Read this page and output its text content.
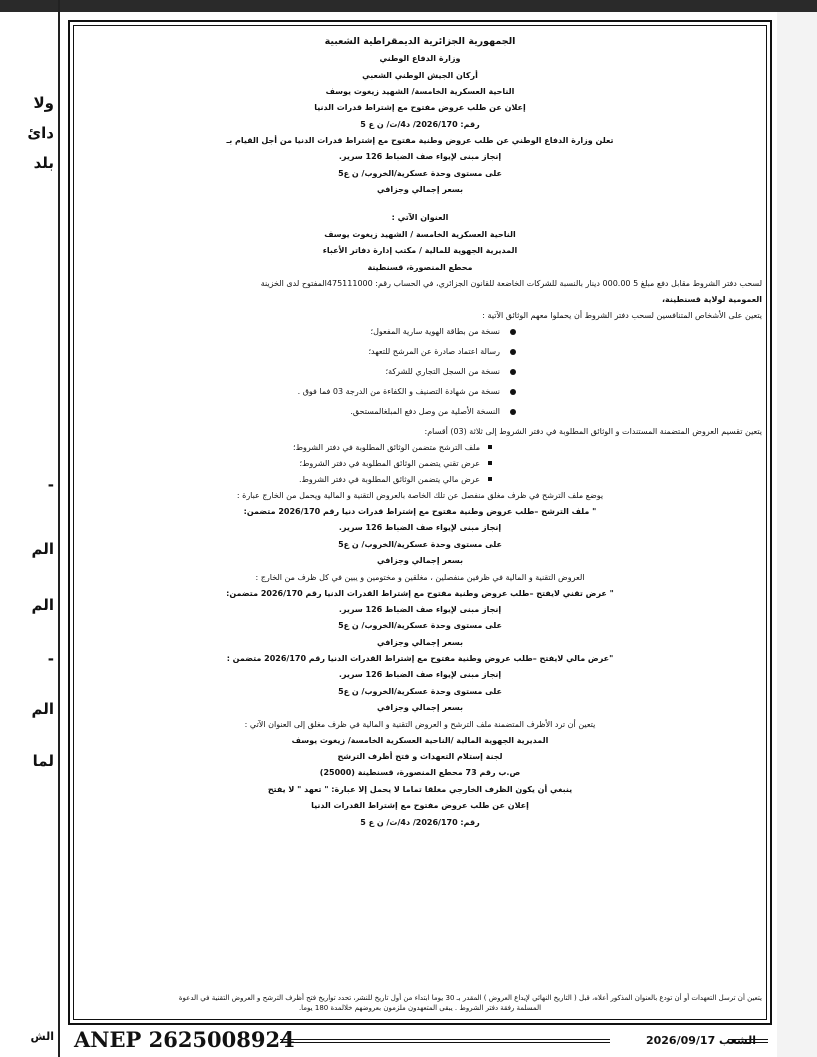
ولا
دائ
بلد
-
الم
الم
-
الم
لما
الش
الجمهورية الجزائرية الديمقراطية الشعبية
وزارة الدفاع الوطني
أركان الجيش الوطني الشعبي
الناحية العسكرية الخامسة/ الشهيد زيغوت يوسف
إعلان عن طلب عروض مفتوح مع إشتراط قدرات الدنيا
رقم: 2026/170/ د4/ت/ ن ع 5
تعلن وزارة الدفاع الوطني عن طلب عروض وطنية مفتوح مع إشتراط قدرات الدنيا من أجل القيام بـ
إنجاز مبنى لإيواء صف الضباط 126 سرير.
على مستوى وحدة عسكرية/الخروب/ ن ع5
بسعر إجمالي وجزافي
العنوان الآتي :
الناحية العسكرية الخامسة / الشهيد زيغوت يوسف
المديرية الجهوية للمالية / مكتب إدارة دفاتر الأعباء
محطع المنصورة، قسنطينة
لسحب دفتر الشروط مقابل دفع مبلغ 5 000.00 دينار بالنسبة للشركات الخاضعة للقانون الجزائري، في الحساب رقم: 475111000المفتوح لدى الخزينة
العمومية لولاية قسنطينة،
يتعين على الأشخاص المتنافسين لسحب دفتر الشروط أن يحملوا معهم الوثائق الآتية :
نسخة من بطاقة الهوية سارية المفعول؛
رسالة اعتماد صادرة عن المرشح للتعهد؛
نسخة من السجل التجاري للشركة؛
نسخة من شهادة التصنيف و الكفاءة من الدرجة 03 فما فوق .
النسخة الأصلية من وصل دفع المبلغالمستحق.
يتعين تقسيم العروض المتضمنة المستندات و الوثائق المطلوبة في دفتر الشروط إلى ثلاثة (03) أقسام:
ملف الترشح متضمن الوثائق المطلوبة في دفتر الشروط؛
عرض تقني يتضمن الوثائق المطلوبة في دفتر الشروط؛
عرض مالي يتضمن الوثائق المطلوبة في دفتر الشروط.
يوضع ملف الترشح في ظرف مغلق منفصل عن تلك الخاصة بالعروض التقنية و المالية ويحمل من الخارج عبارة :
" ملف الترشح –طلب عروض وطنية مفتوح مع إشتراط قدرات دنيا رقم 2026/170 متضمن:
إنجاز مبنى لإيواء صف الضباط 126 سرير.
على مستوى وحدة عسكرية/الخروب/ ن ع5
بسعر إجمالي وجزافي
العروض التقنية و المالية في ظرفين منفصلين ، مغلقين و مختومين و يبين في كل ظرف من الخارج :
" عرض تقني لايفتح –طلب عروض وطنية مفتوح مع إشتراط القدرات الدنيا رقم 2026/170 متضمن:
إنجاز مبنى لإيواء صف الضباط 126 سرير.
على مستوى وحدة عسكرية/الخروب/ ن ع5
بسعر إجمالي وجزافي
"عرض مالي لايفتح –طلب عروض وطنية مفتوح مع إشتراط القدرات الدنيا رقم 2026/170 متضمن :
إنجاز مبنى لإيواء صف الضباط 126 سرير.
على مستوى وحدة عسكرية/الخروب/ ن ع5
بسعر إجمالي وجزافي
يتعين أن ترد الأظرف المتضمنة ملف الترشح و العروض التقنية و المالية في ظرف مغلق إلى العنوان الآتي :
المديرية الجهوية المالية /الناحية العسكرية الخامسة/ زيغوت يوسف
لجنة إستلام التعهدات و فتح أظرف الترشح
ص.ب رقم 73 محطع المنصورة، قسنطينة (25000)
ينبغي أن يكون الظرف الخارجي مغلقا تماما لا يحمل إلا عبارة: " تعهد " لا يفتح
إعلان عن طلب عروض مفتوح مع إشتراط القدرات الدنيا
رقم: 2026/170/ د4/ت/ ن ع 5
يتعين أن ترسل التعهدات أو أن تودع بالعنوان المذكور أعلاه، قبل ( التاريخ النهائي لإيداع العروض ) المقدر بـ 30 يوما ابتداء من أول تاريخ للنشر، تحدد تواريخ فتح أظرف الترشح و العروض التقنية في الدعوة
المسلمة رفقة دفتر الشروط . يبقى المتعهدون ملزمون بعروضهم خلالمدة 180 يوما.
ANEP 2625008924	الشعب 2026/09/17
